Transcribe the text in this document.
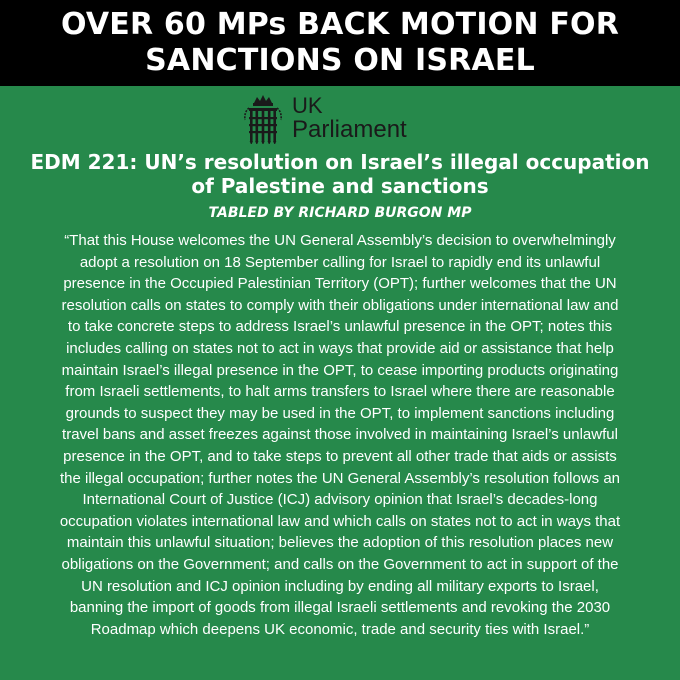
OVER 60 MPs BACK MOTION FOR
SANCTIONS ON ISRAEL
UK
Parliament
EDM 221: UN’s resolution on Israel’s illegal occupation
of Palestine and sanctions
TABLED BY RICHARD BURGON MP
“That this House welcomes the UN General Assembly’s decision to overwhelmingly
adopt a resolution on 18 September calling for Israel to rapidly end its unlawful
presence in the Occupied Palestinian Territory (OPT); further welcomes that the UN
resolution calls on states to comply with their obligations under international law and
to take concrete steps to address Israel’s unlawful presence in the OPT; notes this
includes calling on states not to act in ways that provide aid or assistance that help
maintain Israel’s illegal presence in the OPT, to cease importing products originating
from Israeli settlements, to halt arms transfers to Israel where there are reasonable
grounds to suspect they may be used in the OPT, to implement sanctions including
travel bans and asset freezes against those involved in maintaining Israel’s unlawful
presence in the OPT, and to take steps to prevent all other trade that aids or assists
the illegal occupation; further notes the UN General Assembly’s resolution follows an
International Court of Justice (ICJ) advisory opinion that Israel’s decades-long
occupation violates international law and which calls on states not to act in ways that
maintain this unlawful situation; believes the adoption of this resolution places new
obligations on the Government; and calls on the Government to act in support of the
UN resolution and ICJ opinion including by ending all military exports to Israel,
banning the import of goods from illegal Israeli settlements and revoking the 2030
Roadmap which deepens UK economic, trade and security ties with Israel.”
